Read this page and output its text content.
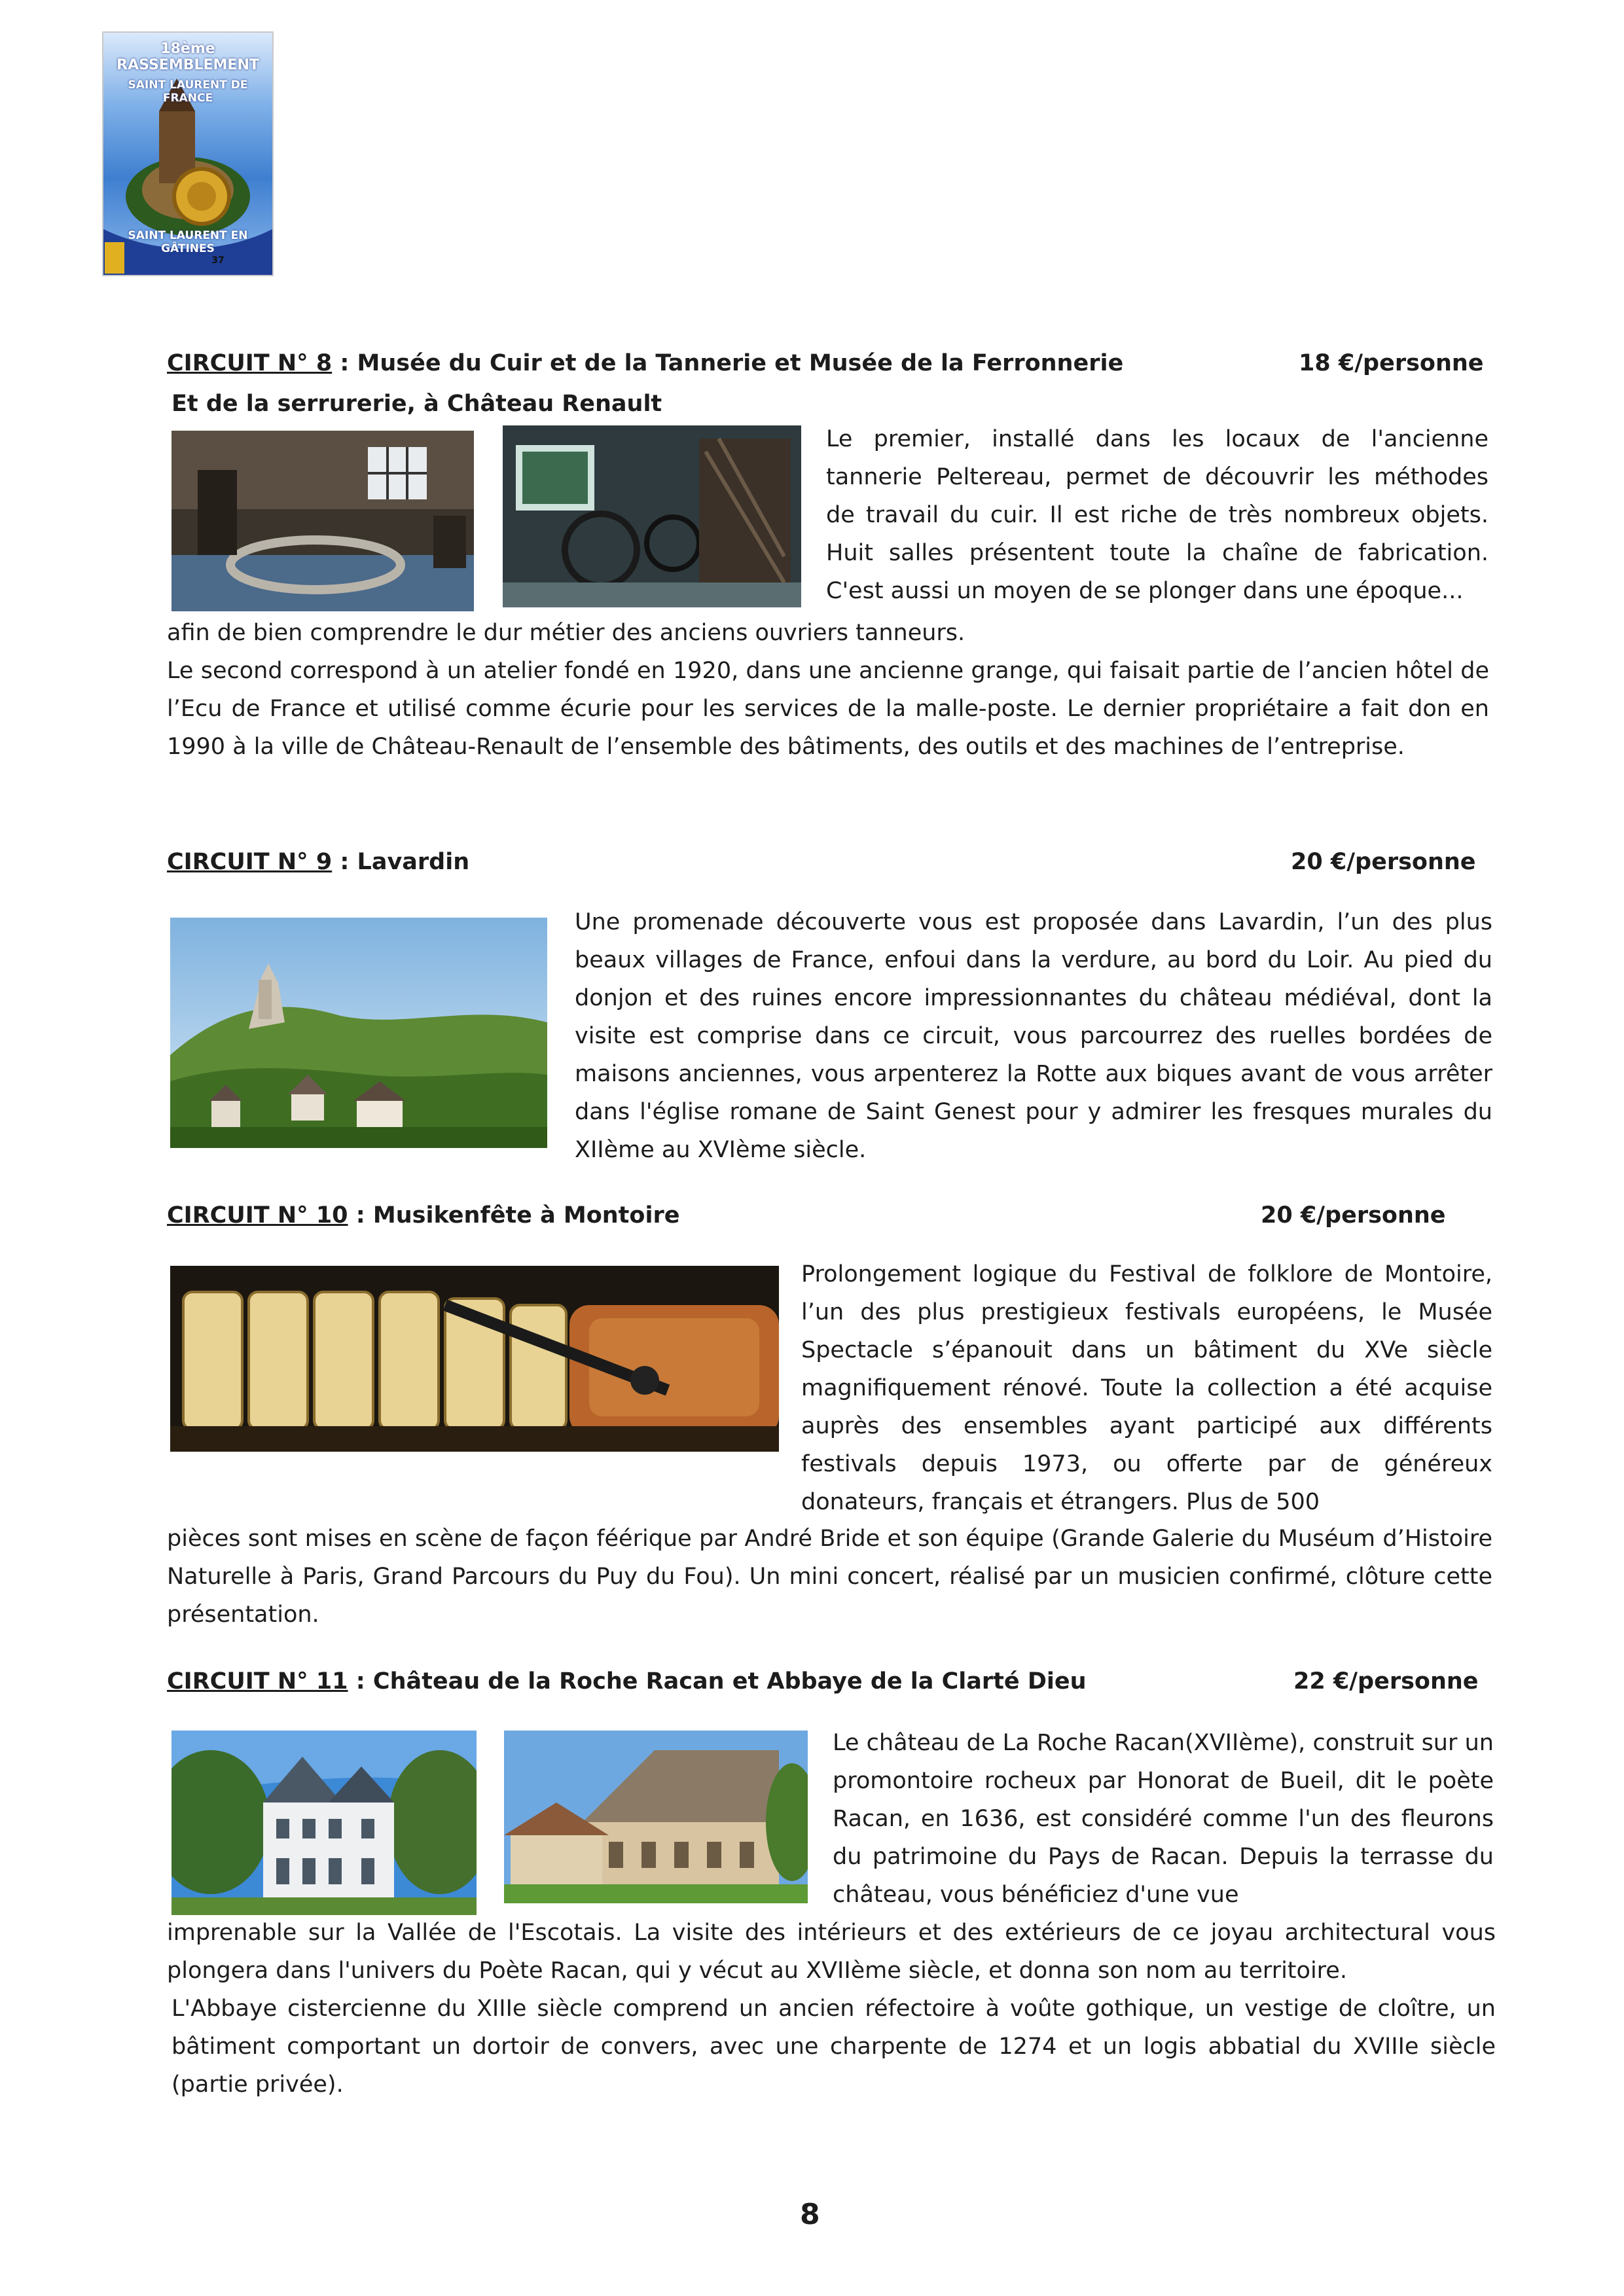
18ème RASSEMBLEMENT
SAINT LAURENT DE FRANCE
SAINT LAURENT EN GÂTINES
37
CIRCUIT N° 8 : Musée du Cuir et de la Tannerie et Musée de la Ferronnerie	18 €/personne
Et de la serrurerie, à Château Renault
Le premier, installé dans les locaux de l'ancienne
tannerie Peltereau, permet de découvrir les méthodes
de travail du cuir. Il est riche de très nombreux objets.
Huit salles présentent toute la chaîne de fabrication.
C'est aussi un moyen de se plonger dans une époque...
afin de bien comprendre le dur métier des anciens ouvriers tanneurs.
Le second correspond à un atelier fondé en 1920, dans une ancienne grange, qui faisait partie de l’ancien hôtel de l’Ecu de France et utilisé comme écurie pour les services de la malle-poste. Le dernier propriétaire a fait don en 1990 à la ville de Château-Renault de l’ensemble des bâtiments, des outils et des machines de l’entreprise.
CIRCUIT N° 9 : Lavardin	20 €/personne
Une promenade découverte vous est proposée dans Lavardin, l’un des plus beaux villages de France, enfoui dans la verdure, au bord du Loir. Au pied du donjon et des ruines encore impressionnantes du château médiéval, dont la visite est comprise dans ce circuit, vous parcourrez des ruelles bordées de maisons anciennes, vous arpenterez la Rotte aux biques avant de vous arrêter dans l'église romane de Saint Genest pour y admirer les fresques murales du XIIème au XVIème siècle.
CIRCUIT N° 10 : Musikenfête à Montoire	20 €/personne
Prolongement logique du Festival de folklore de Montoire, l’un des plus prestigieux festivals européens, le Musée Spectacle s’épanouit dans un bâtiment du XVe siècle magnifiquement rénové. Toute la collection a été acquise auprès des ensembles ayant participé aux différents festivals depuis 1973, ou offerte par de généreux donateurs, français et étrangers. Plus de 500
pièces sont mises en scène de façon féérique par André Bride et son équipe (Grande Galerie du Muséum d’Histoire Naturelle à Paris, Grand Parcours du Puy du Fou). Un mini concert, réalisé par un musicien confirmé, clôture cette présentation.
CIRCUIT N° 11 : Château de la Roche Racan et Abbaye de la Clarté Dieu	22 €/personne
Le château de La Roche Racan(XVIIème), construit sur un promontoire rocheux par Honorat de Bueil, dit le poète Racan, en 1636, est considéré comme l'un des fleurons du patrimoine du Pays de Racan. Depuis la terrasse du château, vous bénéficiez d'une vue
imprenable sur la Vallée de l'Escotais. La visite des intérieurs et des extérieurs de ce joyau architectural vous plongera dans l'univers du Poète Racan, qui y vécut au XVIIème siècle, et donna son nom au territoire.
L'Abbaye cistercienne du XIIIe siècle comprend un ancien réfectoire à voûte gothique, un vestige de cloître, un bâtiment comportant un dortoir de convers, avec une charpente de 1274 et un logis abbatial du XVIIIe siècle (partie privée).
8
